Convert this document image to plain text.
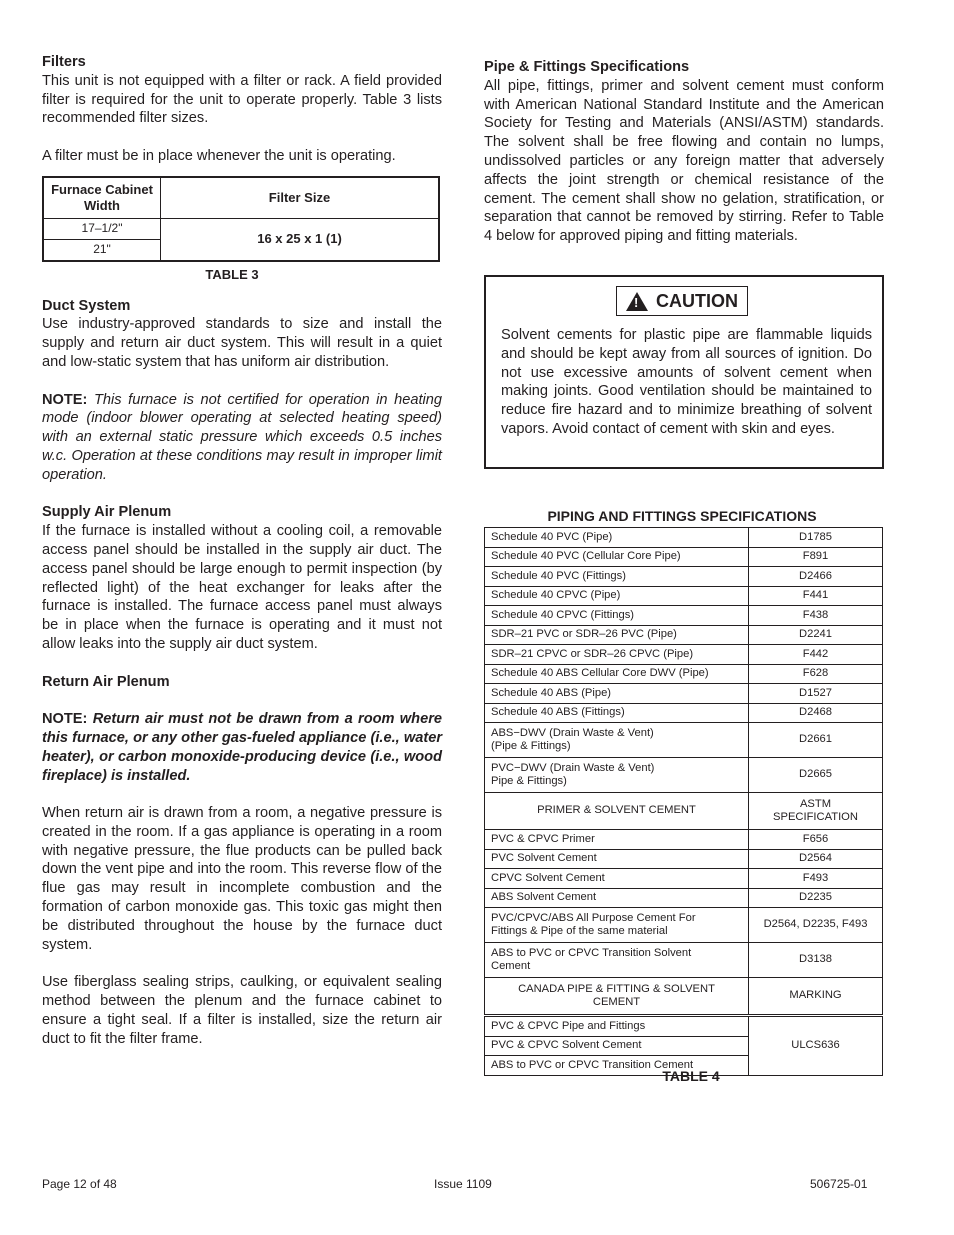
Filters

This unit is not equipped with a filter or rack. A field provided filter is required for the unit to operate properly. Table 3 lists recommended filter sizes.

A filter must be in place whenever the unit is operating.

Furnace Cabinet Width	Filter Size
17–1/2"	16 x 25 x 1 (1)
21"	
TABLE 3
Duct System

Use industry-approved standards to size and install the supply and return air duct system. This will result in a quiet and low-static system that has uniform air distribution.

NOTE: This furnace is not certified for operation in heating mode (indoor blower operating at selected heating speed) with an external static pressure which exceeds 0.5 inches w.c. Operation at these conditions may result in improper limit operation.

Supply Air Plenum

If the furnace is installed without a cooling coil, a removable access panel should be installed in the supply air duct. The access panel should be large enough to permit inspection (by reflected light) of the heat exchanger for leaks after the furnace is installed. The furnace access panel must always be in place when the furnace is operating and it must not allow leaks into the supply air duct system.

Return Air Plenum

NOTE: Return air must not be drawn from a room where this furnace, or any other gas-fueled appliance (i.e., water heater), or carbon monoxide-producing device (i.e., wood fireplace) is installed.

When return air is drawn from a room, a negative pressure is created in the room. If a gas appliance is operating in a room with negative pressure, the flue products can be pulled back down the vent pipe and into the room. This reverse flow of the flue gas may result in incomplete combustion and the formation of carbon monoxide gas. This toxic gas might then be distributed throughout the house by the furnace duct system.

Use fiberglass sealing strips, caulking, or equivalent sealing method between the plenum and the furnace cabinet to ensure a tight seal. If a filter is installed, size the return air duct to fit the filter frame.

Pipe & Fittings Specifications

All pipe, fittings, primer and solvent cement must conform with American National Standard Institute and the American Society for Testing and Materials (ANSI/ASTM) standards. The solvent shall be free flowing and contain no lumps, undissolved particles or any foreign matter that adversely affects the joint strength or chemical resistance of the cement. The cement shall show no gelation, stratification, or separation that cannot be removed by stirring. Refer to Table 4 below for approved piping and fitting materials.

! CAUTION
Solvent cements for plastic pipe are flammable liquids and should be kept away from all sources of ignition. Do not use excessive amounts of solvent cement when making joints. Good ventilation should be maintained to reduce fire hazard and to minimize breathing of solvent vapors. Avoid contact of cement with skin and eyes.
PIPING AND FITTINGS SPECIFICATIONS
Schedule 40 PVC (Pipe)	D1785
Schedule 40 PVC (Cellular Core Pipe)	F891
Schedule 40 PVC (Fittings)	D2466
Schedule 40 CPVC (Pipe)	F441
Schedule 40 CPVC (Fittings)	F438
SDR–21 PVC or SDR–26 PVC (Pipe)	D2241
SDR–21 CPVC or SDR–26 CPVC (Pipe)	F442
Schedule 40 ABS Cellular Core DWV (Pipe)	F628
Schedule 40 ABS (Pipe)	D1527
Schedule 40 ABS (Fittings)	D2468
ABS−DWV (Drain Waste & Vent)
(Pipe & Fittings)	D2661
PVC−DWV (Drain Waste & Vent)
Pipe & Fittings)	D2665
PRIMER & SOLVENT CEMENT	ASTM
SPECIFICATION
PVC & CPVC Primer	F656
PVC Solvent Cement	D2564
CPVC Solvent Cement	F493
ABS Solvent Cement	D2235
PVC/CPVC/ABS All Purpose Cement For
Fittings & Pipe of the same material	D2564, D2235, F493
ABS to PVC or CPVC Transition Solvent
Cement	D3138
CANADA PIPE & FITTING & SOLVENT
CEMENT	MARKING
PVC & CPVC Pipe and Fittings	ULCS636
PVC & CPVC Solvent Cement	
ABS to PVC or CPVC Transition Cement	
TABLE 4
Page 12 of 48	Issue 1109	506725-01
